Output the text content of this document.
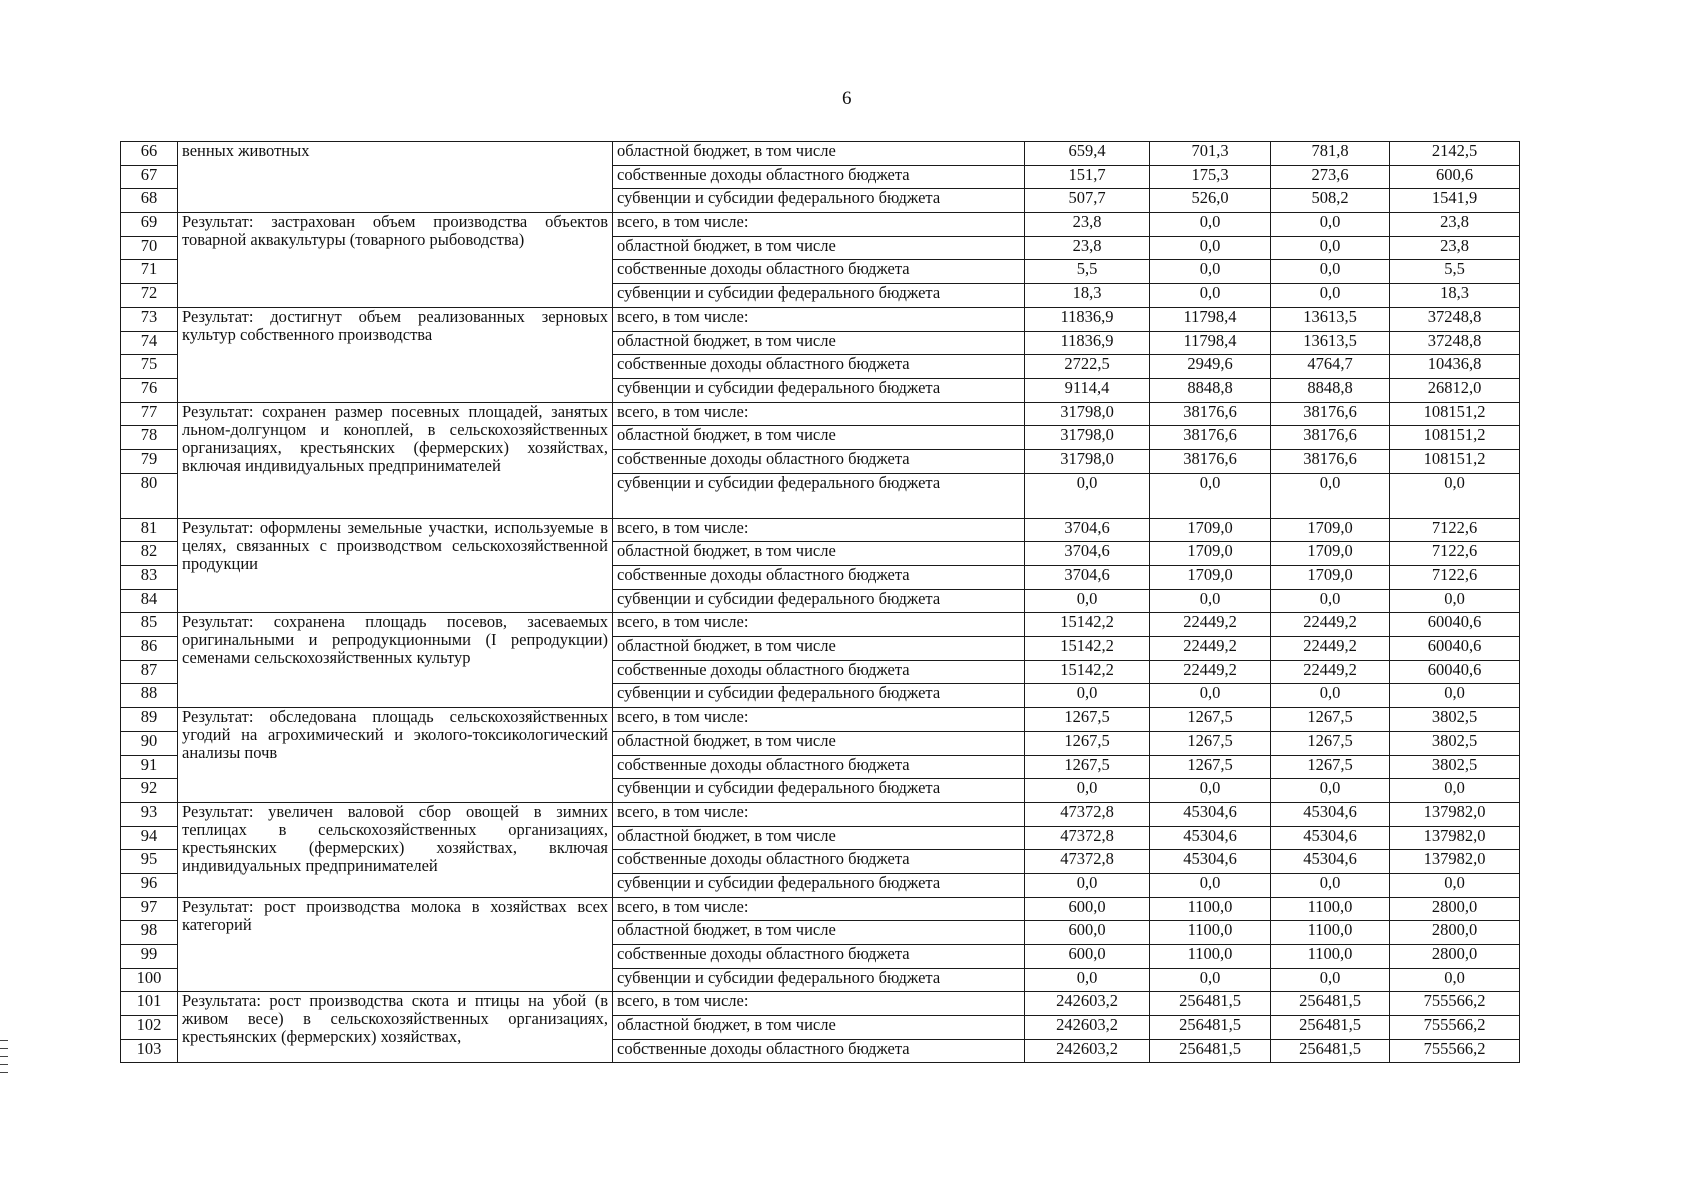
6
66	венных животных	областной бюджет, в том числе	659,4	701,3	781,8	2142,5
67		собственные доходы областного бюджета	151,7	175,3	273,6	600,6
68		субвенции и субсидии федерального бюджета	507,7	526,0	508,2	1541,9
69	Результат: застрахован объем производства объектов товарной аквакультуры (товарного рыбоводства)	всего, в том числе:	23,8	0,0	0,0	23,8
70		областной бюджет, в том числе	23,8	0,0	0,0	23,8
71		собственные доходы областного бюджета	5,5	0,0	0,0	5,5
72		субвенции и субсидии федерального бюджета	18,3	0,0	0,0	18,3
73	Результат: достигнут объем реализованных зерновых культур собственного производства	всего, в том числе:	11836,9	11798,4	13613,5	37248,8
74		областной бюджет, в том числе	11836,9	11798,4	13613,5	37248,8
75		собственные доходы областного бюджета	2722,5	2949,6	4764,7	10436,8
76		субвенции и субсидии федерального бюджета	9114,4	8848,8	8848,8	26812,0
77	Результат: сохранен размер посевных площадей, занятых льном-долгунцом и коноплей, в сельскохозяйственных организациях, крестьянских (фермерских) хозяйствах, включая индивидуальных предпринимателей	всего, в том числе:	31798,0	38176,6	38176,6	108151,2
78		областной бюджет, в том числе	31798,0	38176,6	38176,6	108151,2
79		собственные доходы областного бюджета	31798,0	38176,6	38176,6	108151,2
80		субвенции и субсидии федерального бюджета	0,0	0,0	0,0	0,0
81	Результат: оформлены земельные участки, используемые в целях, связанных с производством сельскохозяйственной продукции	всего, в том числе:	3704,6	1709,0	1709,0	7122,6
82		областной бюджет, в том числе	3704,6	1709,0	1709,0	7122,6
83		собственные доходы областного бюджета	3704,6	1709,0	1709,0	7122,6
84		субвенции и субсидии федерального бюджета	0,0	0,0	0,0	0,0
85	Результат: сохранена площадь посевов, засеваемых оригинальными и репродукционными (I репродукции) семенами сельскохозяйственных культур	всего, в том числе:	15142,2	22449,2	22449,2	60040,6
86		областной бюджет, в том числе	15142,2	22449,2	22449,2	60040,6
87		собственные доходы областного бюджета	15142,2	22449,2	22449,2	60040,6
88		субвенции и субсидии федерального бюджета	0,0	0,0	0,0	0,0
89	Результат: обследована площадь сельскохозяйственных угодий на агрохимический и эколого-токсикологический анализы почв	всего, в том числе:	1267,5	1267,5	1267,5	3802,5
90		областной бюджет, в том числе	1267,5	1267,5	1267,5	3802,5
91		собственные доходы областного бюджета	1267,5	1267,5	1267,5	3802,5
92		субвенции и субсидии федерального бюджета	0,0	0,0	0,0	0,0
93	Результат: увеличен валовой сбор овощей в зимних теплицах в сельскохозяйственных организациях, крестьянских (фермерских) хозяйствах, включая индивидуальных предпринимателей	всего, в том числе:	47372,8	45304,6	45304,6	137982,0
94		областной бюджет, в том числе	47372,8	45304,6	45304,6	137982,0
95		собственные доходы областного бюджета	47372,8	45304,6	45304,6	137982,0
96		субвенции и субсидии федерального бюджета	0,0	0,0	0,0	0,0
97	Результат: рост производства молока в хозяйствах всех категорий	всего, в том числе:	600,0	1100,0	1100,0	2800,0
98		областной бюджет, в том числе	600,0	1100,0	1100,0	2800,0
99		собственные доходы областного бюджета	600,0	1100,0	1100,0	2800,0
100		субвенции и субсидии федерального бюджета	0,0	0,0	0,0	0,0
101	Результата: рост производства скота и птицы на убой (в живом весе) в сельскохозяйственных организациях, крестьянских (фермерских) хозяйствах,	всего, в том числе:	242603,2	256481,5	256481,5	755566,2
102		областной бюджет, в том числе	242603,2	256481,5	256481,5	755566,2
103		собственные доходы областного бюджета	242603,2	256481,5	256481,5	755566,2
